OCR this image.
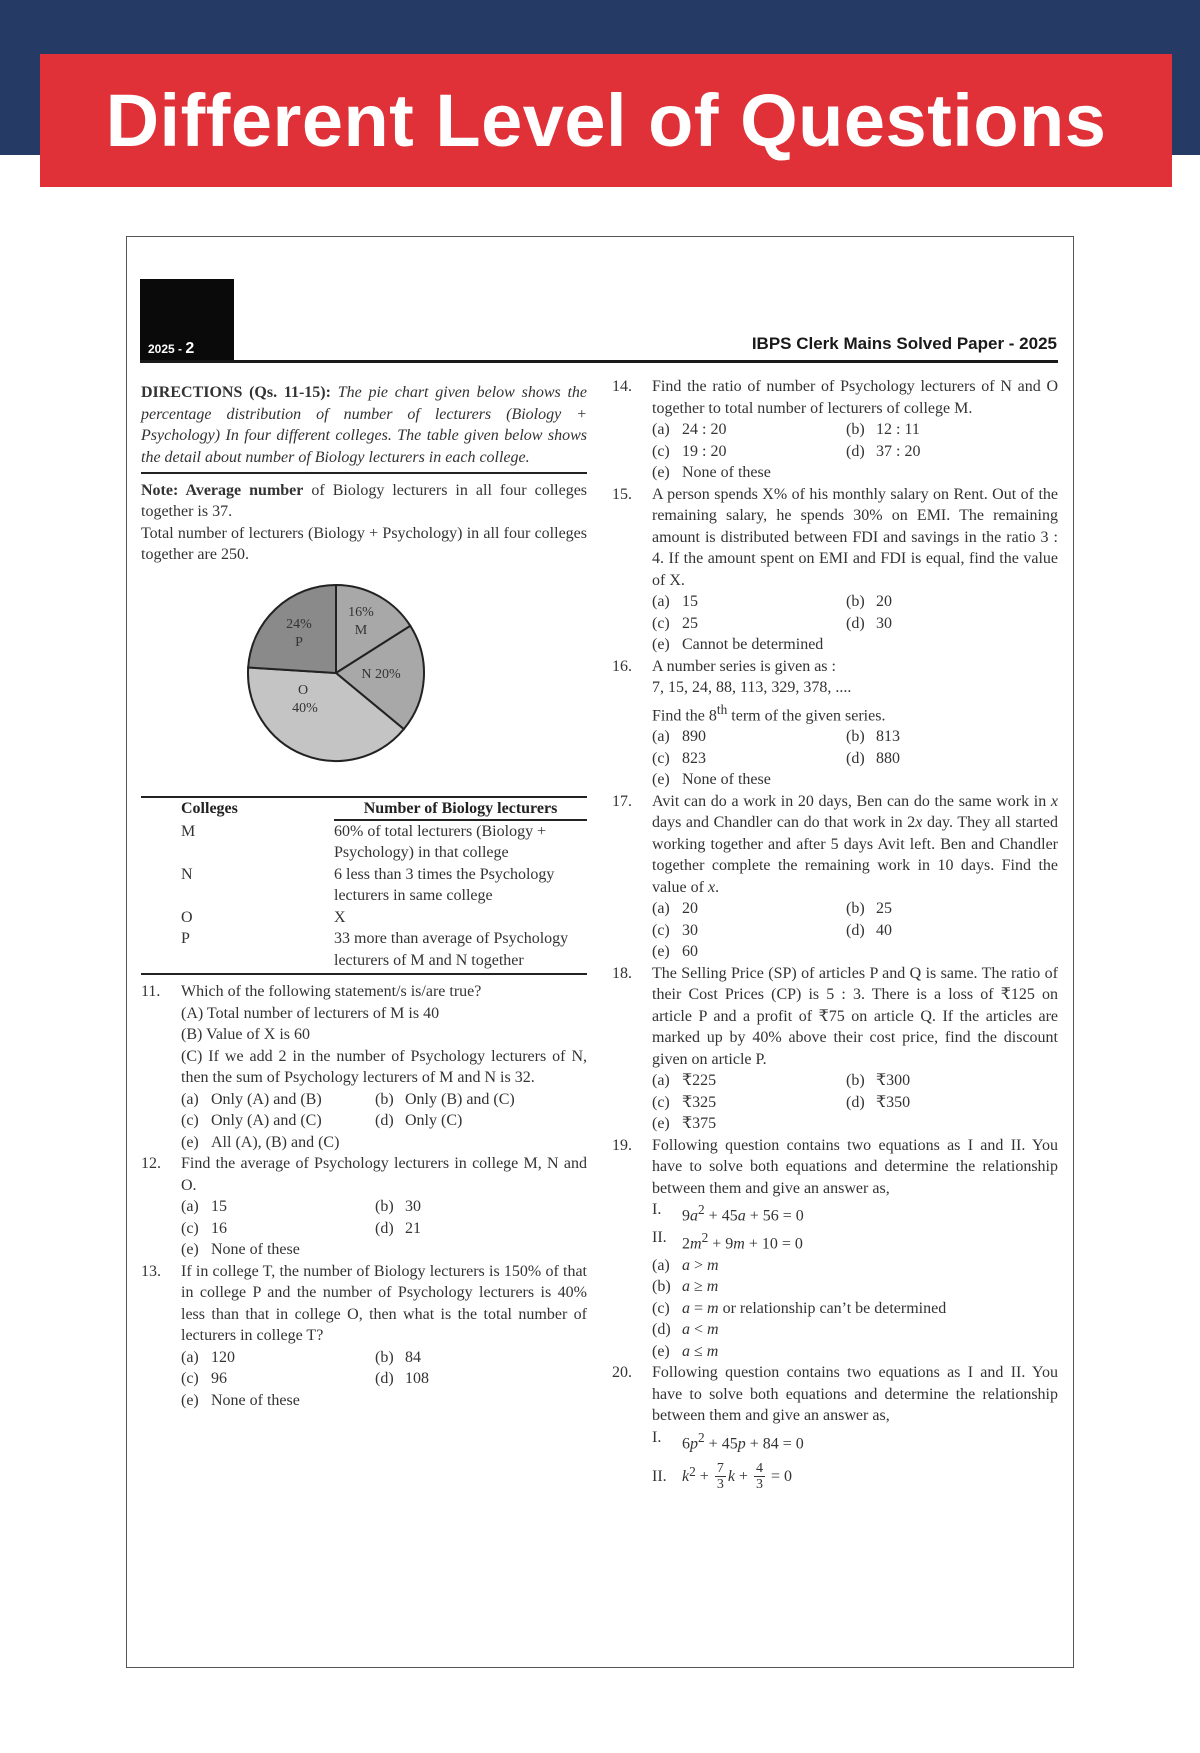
Different Level of Questions
2025 - 2	IBPS Clerk Mains Solved Paper - 2025
DIRECTIONS (Qs. 11-15): The pie chart given below shows the percentage distribution of number of lecturers (Biology + Psychology) In four different colleges. The table given below shows the detail about number of Biology lecturers in each college.
Note: Average number of Biology lecturers in all four colleges together is 37.
Total number of lecturers (Biology + Psychology) in all four colleges together are 250.
16%
M
N 20%
O
40%
24%
P
Colleges	Number of Biology lecturers
M	60% of total lecturers (Biology + Psychology) in that college
N	6 less than 3 times the Psychology lecturers in same college
O	X
P	33 more than average of Psychology lecturers of M and N together
11. Which of the following statement/s is/are true?
(A) Total number of lecturers of M is 40
(B) Value of X is 60
(C) If we add 2 in the number of Psychology lecturers of N, then the sum of Psychology lecturers of M and N is 32.
(a) Only (A) and (B)	(b) Only (B) and (C)
(c) Only (A) and (C)	(d) Only (C)
(e) All (A), (B) and (C)
12. Find the average of Psychology lecturers in college M, N and O.
(a) 15	(b) 30
(c) 16	(d) 21
(e) None of these
13. If in college T, the number of Biology lecturers is 150% of that in college P and the number of Psychology lecturers is 40% less than that in college O, then what is the total number of lecturers in college T?
(a) 120	(b) 84
(c) 96	(d) 108
(e) None of these
14. Find the ratio of number of Psychology lecturers of N and O together to total number of lecturers of college M.
(a) 24 : 20	(b) 12 : 11
(c) 19 : 20	(d) 37 : 20
(e) None of these
15. A person spends X% of his monthly salary on Rent. Out of the remaining salary, he spends 30% on EMI. The remaining amount is distributed between FDI and savings in the ratio 3 : 4. If the amount spent on EMI and FDI is equal, find the value of X.
(a) 15	(b) 20
(c) 25	(d) 30
(e) Cannot be determined
16. A number series is given as :
7, 15, 24, 88, 113, 329, 378, ....
Find the 8th term of the given series.
(a) 890	(b) 813
(c) 823	(d) 880
(e) None of these
17. Avit can do a work in 20 days, Ben can do the same work in x days and Chandler can do that work in 2x day. They all started working together and after 5 days Avit left. Ben and Chandler together complete the remaining work in 10 days. Find the value of x.
(a) 20	(b) 25
(c) 30	(d) 40
(e) 60
18. The Selling Price (SP) of articles P and Q is same. The ratio of their Cost Prices (CP) is 5 : 3. There is a loss of ₹125 on article P and a profit of ₹75 on article Q. If the articles are marked up by 40% above their cost price, find the discount given on article P.
(a) ₹225	(b) ₹300
(c) ₹325	(d) ₹350
(e) ₹375
19. Following question contains two equations as I and II. You have to solve both equations and determine the relationship between them and give an answer as,
I.	$9a^2 + 45a + 56 = 0$
II. $2m^2 + 9m + 10 = 0$
(a) a > m
(b) a ≥ m
(c) a = m or relationship can’t be determined
(d) a < m
(e) a ≤ m
20. Following question contains two equations as I and II. You have to solve both equations and determine the relationship between them and give an answer as,
I.	$6p^2 + 45p + 84 = 0$
II. $k^2 + \frac{7}{3}$ $k + \frac{4}{3} = 0$
